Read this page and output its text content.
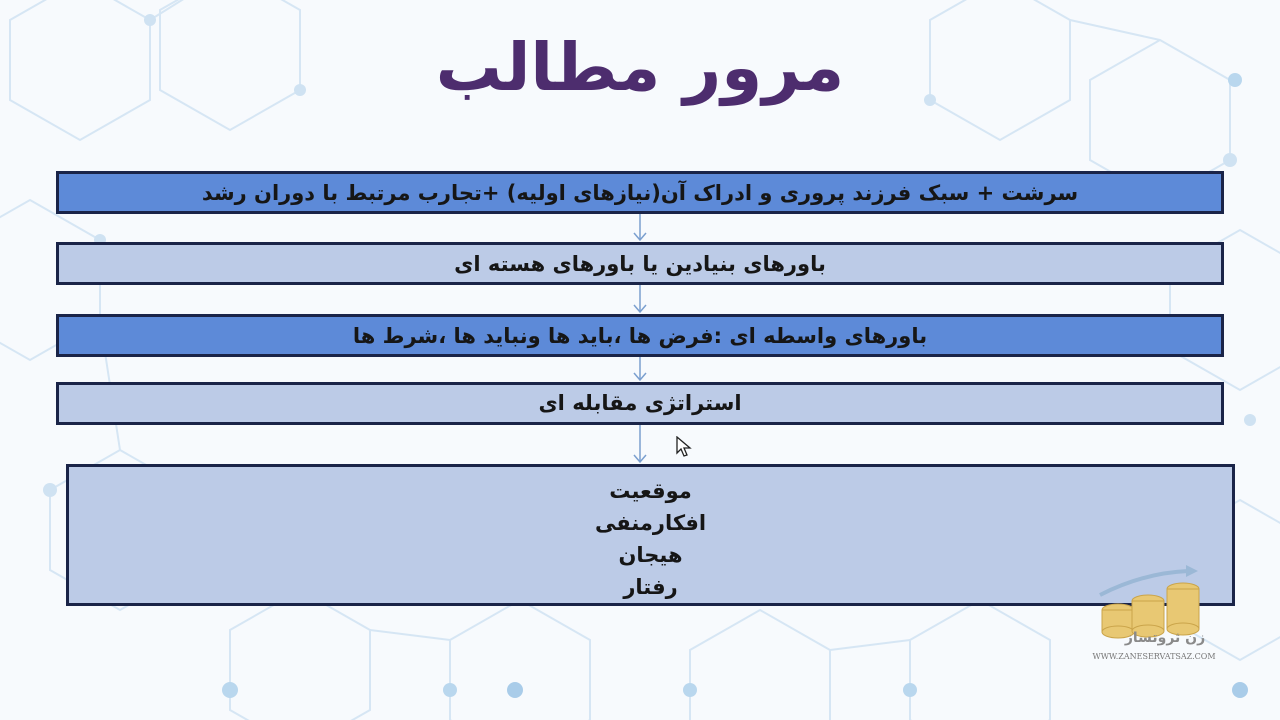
مرور مطالب
سرشت + سبک فرزند پروری و ادراک آن(نیازهای اولیه) +تجارب مرتبط با دوران رشد
باورهای بنیادین یا باورهای هسته ای
باورهای واسطه ای :فرض ها ،باید ها ونباید ها ،شرط ها
استراتژی مقابله ای
موقعیت
افکارمنفی
هیجان
رفتار
زن ثروتساز
WWW.ZANESERVATSAZ.COM
